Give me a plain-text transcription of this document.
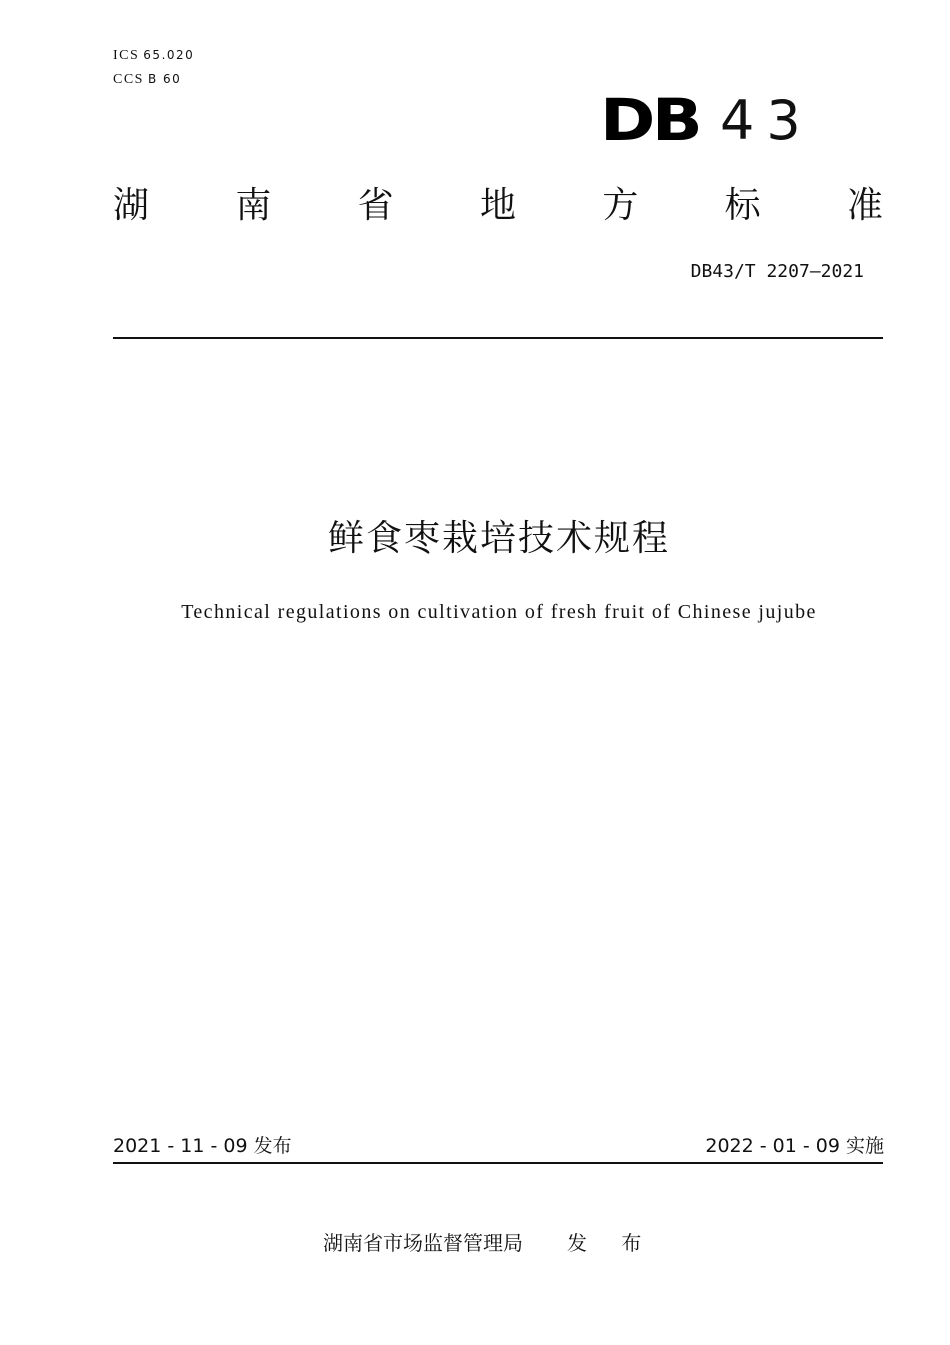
ICS 65.020
CCS B 60
DB 43
湖 南 省 地 方 标 准
DB43/T 2207—2021
鲜食枣栽培技术规程
Technical regulations on cultivation of fresh fruit of Chinese jujube
2021 - 11 - 09 发布	2022 - 01 - 09 实施
湖南省市场监督管理局 发 布
